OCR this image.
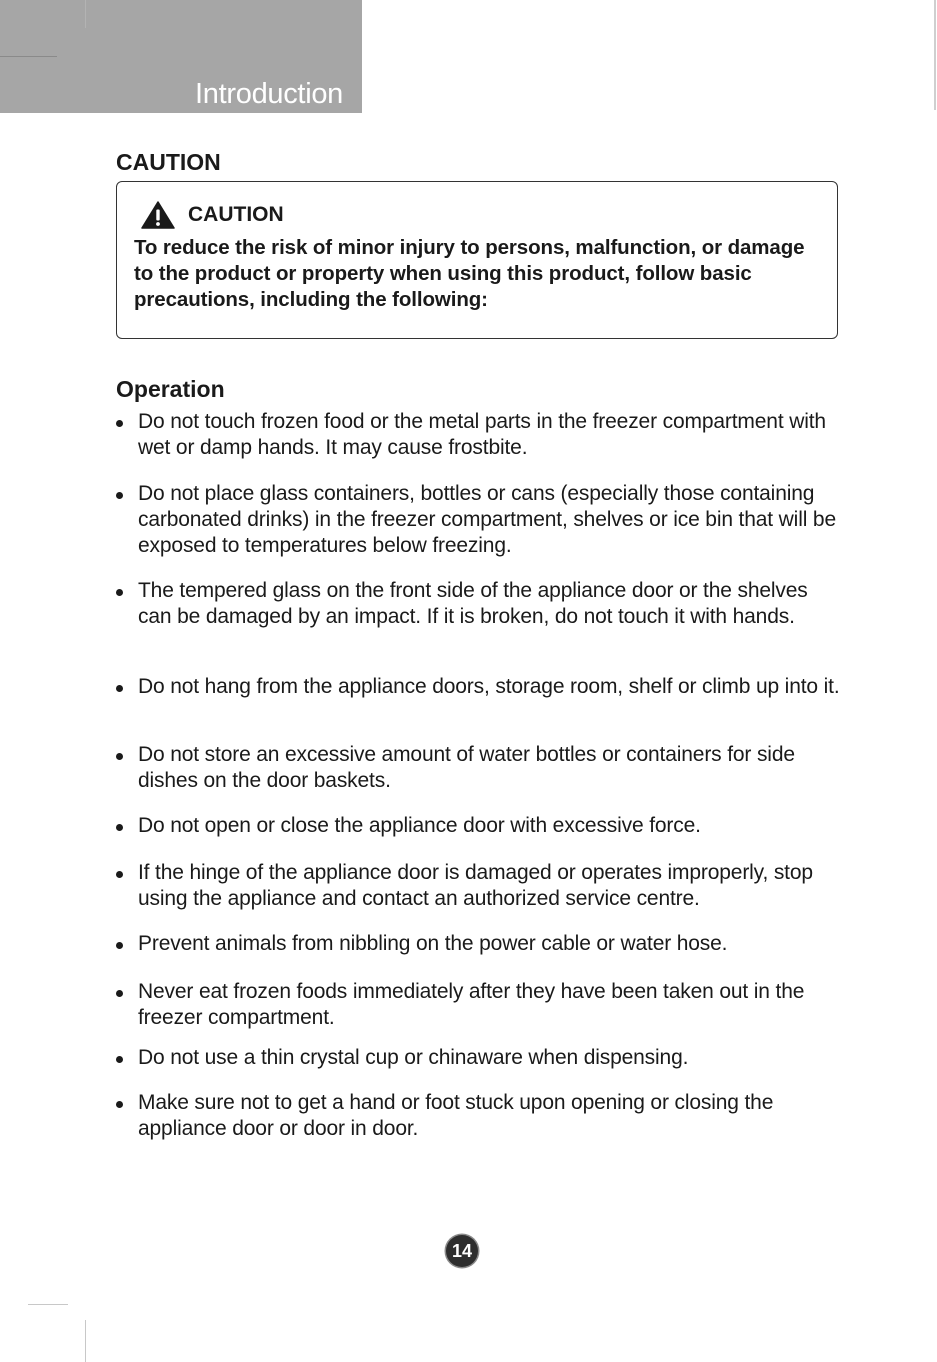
Introduction
CAUTION
CAUTION
To reduce the risk of minor injury to persons, malfunction, or damage to the product or property when using this product, follow basic precautions, including the following:
Operation
Do not touch frozen food or the metal parts in the freezer compartment with wet or damp hands. It may cause frostbite.
Do not place glass containers, bottles or cans (especially those containing carbonated drinks) in the freezer compartment, shelves or ice bin that will be exposed to temperatures below freezing.
The tempered glass on the front side of the appliance door or the shelves can be damaged by an impact. If it is broken, do not touch it with hands.
Do not hang from the appliance doors, storage room, shelf or climb up into it.
Do not store an excessive amount of water bottles or containers for side dishes on the door baskets.
Do not open or close the appliance door with excessive force.
If the hinge of the appliance door is damaged or operates improperly, stop using the appliance and contact an authorized service centre.
Prevent animals from nibbling on the power cable or water hose.
Never eat frozen foods immediately after they have been taken out in the freezer compartment.
Do not use a thin crystal cup or chinaware when dispensing.
Make sure not to get a hand or foot stuck upon opening or closing the appliance door or door in door.
14
